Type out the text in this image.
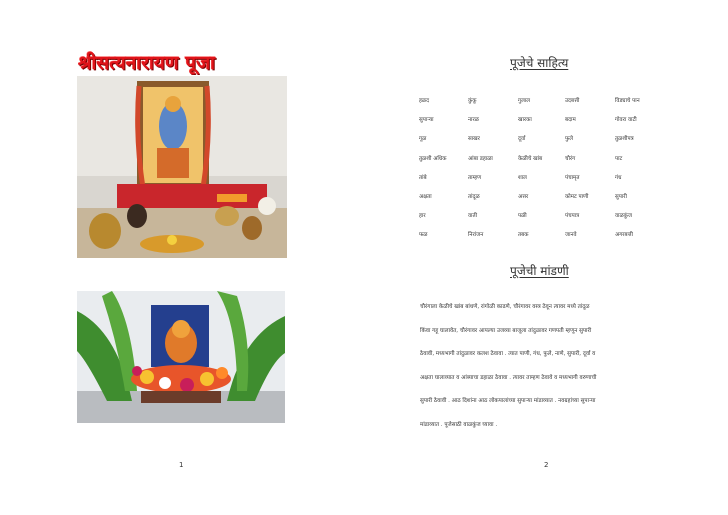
श्रीसत्यनारायण पूजा
1
पूजेचे साहित्य
हळद	कुंकू	गुलाल	उदबत्ती	विड्याचे पान
सुपाऱ्या	नारळ	खारका	बदाम	गोवरा वाटी
गूळ	साखर	दूर्वा	फुले	तुळशीपत्र
तुळशी अधिक	आंबा डहाळा	केळीचे खांब	चौरंग	पाट
तांबे	ताम्हण	शाल	पंचामृत	गंध
अक्षता	तांदूळ	अत्तर	कोमट पाणी	सुपारी
हार	वाती	पळी	पंचपात्र	वाळकुंज
फळ	निरांजन	तबक	जानवे	अगरबत्ती
पूजेची मांडणी
चौरंगाला केळीचे खांब बांधणे, रांगोळी काढणे, चौरंगावर वस्त्र ठेवून त्यावर मध्ये तांदूळ
किंवा गहू घालावेत, चौरंगावर आपल्या उजव्या बाजूला तांदुळावर गणपती म्हणून सुपारी
ठेवावी, मध्यभागी तांदुळावर कलश ठेवावा . त्यात पाणी, गंध, फुले, नाणे, सुपारी, दूर्वा व
अक्षता घालाव्यात व आंब्याचा डहाळा ठेवावा . त्यावर ताम्हण ठेवावे व मध्यभागी वरुणाची
सुपारी ठेवावी . आठ दिशांना आठ लोकपालांच्या सुपाऱ्या मांडाव्यात . नवग्रहांच्या सुपाऱ्या
मांडाव्यात . पूजेसाठी वाळकुंज घ्यावा .
2
